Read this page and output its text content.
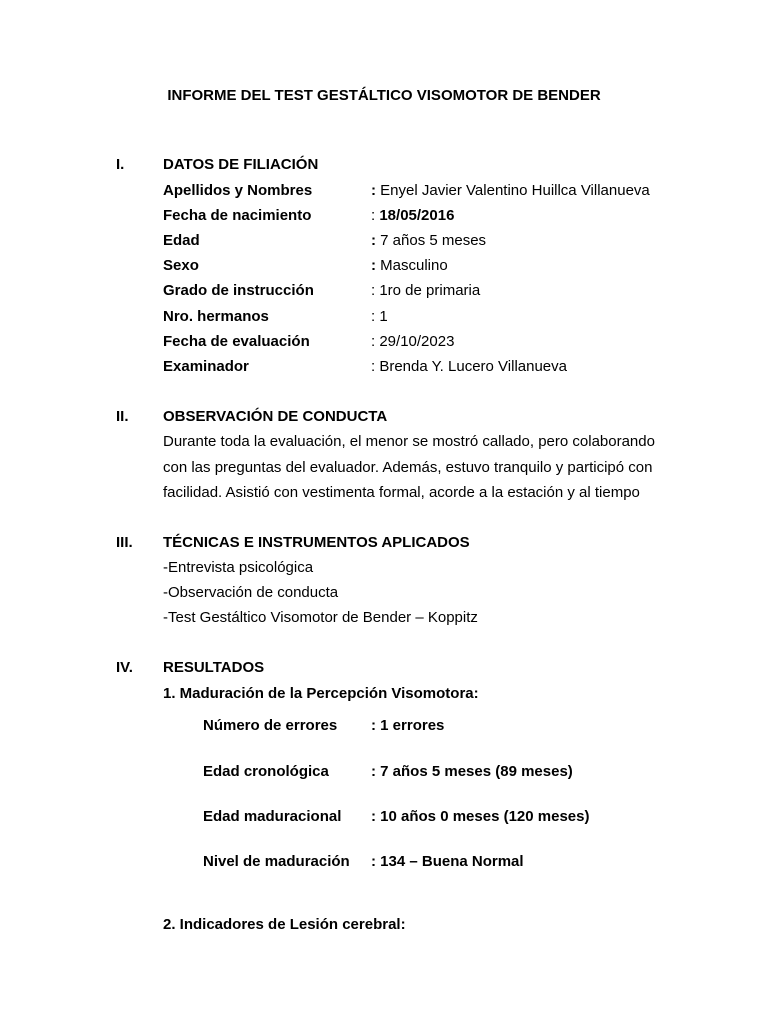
INFORME DEL TEST GESTÁLTICO VISOMOTOR DE BENDER
I.	DATOS DE FILIACIÓN
Apellidos y Nombres	: Enyel Javier Valentino Huillca Villanueva
Fecha de nacimiento	: 18/05/2016
Edad	: 7 años 5 meses
Sexo	: Masculino
Grado de instrucción	: 1ro de primaria
Nro. hermanos	: 1
Fecha de evaluación	: 29/10/2023
Examinador	: Brenda Y. Lucero Villanueva
II. OBSERVACIÓN DE CONDUCTA
Durante toda la evaluación, el menor se mostró callado, pero colaborando
con las preguntas del evaluador. Además, estuvo tranquilo y participó con
facilidad. Asistió con vestimenta formal, acorde a la estación y al tiempo
III. TÉCNICAS E INSTRUMENTOS APLICADOS
-Entrevista psicológica
-Observación de conducta
-Test Gestáltico Visomotor de Bender – Koppitz
IV. RESULTADOS
1. Maduración de la Percepción Visomotora:
Número de errores : 1 errores
Edad cronológica	: 7 años 5 meses (89 meses)
Edad maduracional : 10 años 0 meses (120 meses)
Nivel de maduración : 134 – Buena Normal
2. Indicadores de Lesión cerebral:
